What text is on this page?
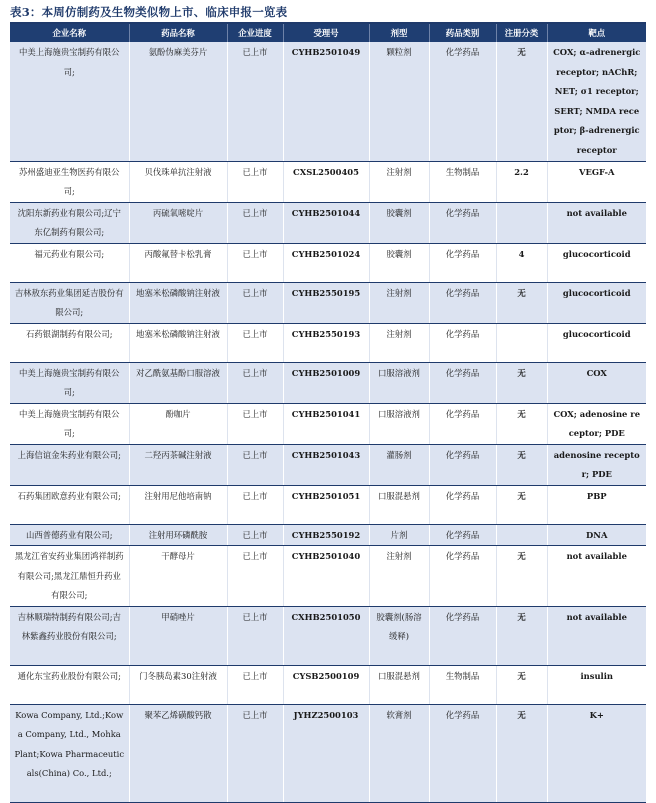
表3：本周仿制药及生物类似物上市、临床申报一览表
企业名称	药品名称	企业进度	受理号	剂型	药品类别	注册分类	靶点
中美上海施贵宝制药有限公司;	氨酚伪麻美芬片	已上市	CYHB2501049	颗粒剂	化学药品	无	COX; α-adrenergic receptor; nAChR; NET; σ1 receptor; SERT; NMDA receptor; β-adrenergic receptor
苏州盛迪亚生物医药有限公司;	贝伐珠单抗注射液	已上市	CXSL2500405	注射剂	生物制品	2.2	VEGF-A
沈阳东新药业有限公司;辽宁东亿制药有限公司;	丙硫氧嘧啶片	已上市	CYHB2501044	胶囊剂	化学药品		not available
福元药业有限公司;	丙酸氟替卡松乳膏	已上市	CYHB2501024	胶囊剂	化学药品	4	glucocorticoid
吉林敖东药业集团延吉股份有限公司;	地塞米松磷酸钠注射液	已上市	CYHB2550195	注射剂	化学药品	无	glucocorticoid
石药银湖制药有限公司;	地塞米松磷酸钠注射液	已上市	CYHB2550193	注射剂	化学药品		glucocorticoid
中美上海施贵宝制药有限公司;	对乙酰氨基酚口服溶液	已上市	CYHB2501009	口服溶液剂	化学药品	无	COX
中美上海施贵宝制药有限公司;	酚咖片	已上市	CYHB2501041	口服溶液剂	化学药品	无	COX; adenosine receptor; PDE
上海信谊金朱药业有限公司;	二羟丙茶碱注射液	已上市	CYHB2501043	灌肠剂	化学药品	无	adenosine receptor; PDE
石药集团欧意药业有限公司;	注射用尼他培南钠	已上市	CYHB2501051	口服混悬剂	化学药品	无	PBP
山西普德药业有限公司;	注射用环磷酰胺	已上市	CYHB2550192	片剂	化学药品		DNA
黑龙江省安药业集团鸿祥制药有限公司;黑龙江鼎恒升药业有限公司;	干酵母片	已上市	CYHB2501040	注射剂	化学药品	无	not available
吉林顺瑞特制药有限公司;吉林紫鑫药业股份有限公司;	甲硝唑片	已上市	CXHB2501050	胶囊剂(肠溶缓释)	化学药品	无	not available
通化东宝药业股份有限公司;	门冬胰岛素30注射液	已上市	CYSB2500109	口服混悬剂	生物制品	无	insulin
Kowa Company, Ltd.;Kowa Company, Ltd., Mohka Plant;Kowa Pharmaceuticals(China) Co., Ltd.;	聚苯乙烯磺酸钙散	已上市	JYHZ2500103	软膏剂	化学药品	无	K+
